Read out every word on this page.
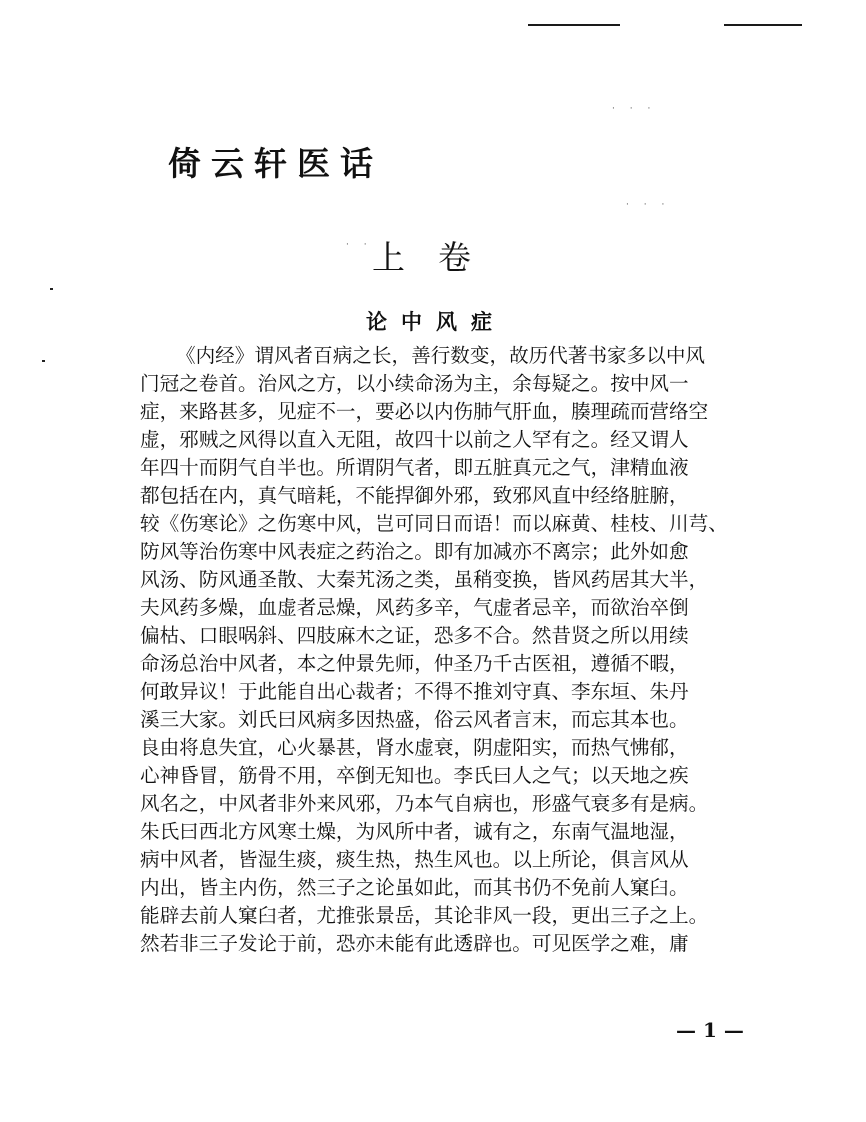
· · ·
· · ·
· ·
倚云轩医话
上　卷
论中风症
《内经》谓风者百病之长，善行数变，故历代著书家多以中风
门冠之卷首。治风之方，以小续命汤为主，余每疑之。按中风一
症，来路甚多，见症不一，要必以内伤肺气肝血，腠理疏而营络空
虚，邪贼之风得以直入无阻，故四十以前之人罕有之。经又谓人
年四十而阴气自半也。所谓阴气者，即五脏真元之气，津精血液
都包括在内，真气暗耗，不能捍御外邪，致邪风直中经络脏腑，
较《伤寒论》之伤寒中风，岂可同日而语！而以麻黄、桂枝、川芎、
防风等治伤寒中风表症之药治之。即有加减亦不离宗；此外如愈
风汤、防风通圣散、大秦艽汤之类，虽稍变换，皆风药居其大半，
夫风药多燥，血虚者忌燥，风药多辛，气虚者忌辛，而欲治卒倒
偏枯、口眼㖞斜、四肢麻木之证，恐多不合。然昔贤之所以用续
命汤总治中风者，本之仲景先师，仲圣乃千古医祖，遵循不暇，
何敢异议！于此能自出心裁者；不得不推刘守真、李东垣、朱丹
溪三大家。刘氏曰风病多因热盛，俗云风者言末，而忘其本也。
良由将息失宜，心火暴甚，肾水虚衰，阴虚阳实，而热气怫郁，
心神昏冒，筋骨不用，卒倒无知也。李氏曰人之气；以天地之疾
风名之，中风者非外来风邪，乃本气自病也，形盛气衰多有是病。
朱氏曰西北方风寒土燥，为风所中者，诚有之，东南气温地湿，
病中风者，皆湿生痰，痰生热，热生风也。以上所论，俱言风从
内出，皆主内伤，然三子之论虽如此，而其书仍不免前人窠臼。
能辟去前人窠臼者，尤推张景岳，其论非风一段，更出三子之上。
然若非三子发论于前，恐亦未能有此透辟也。可见医学之难，庸
— 1 —
